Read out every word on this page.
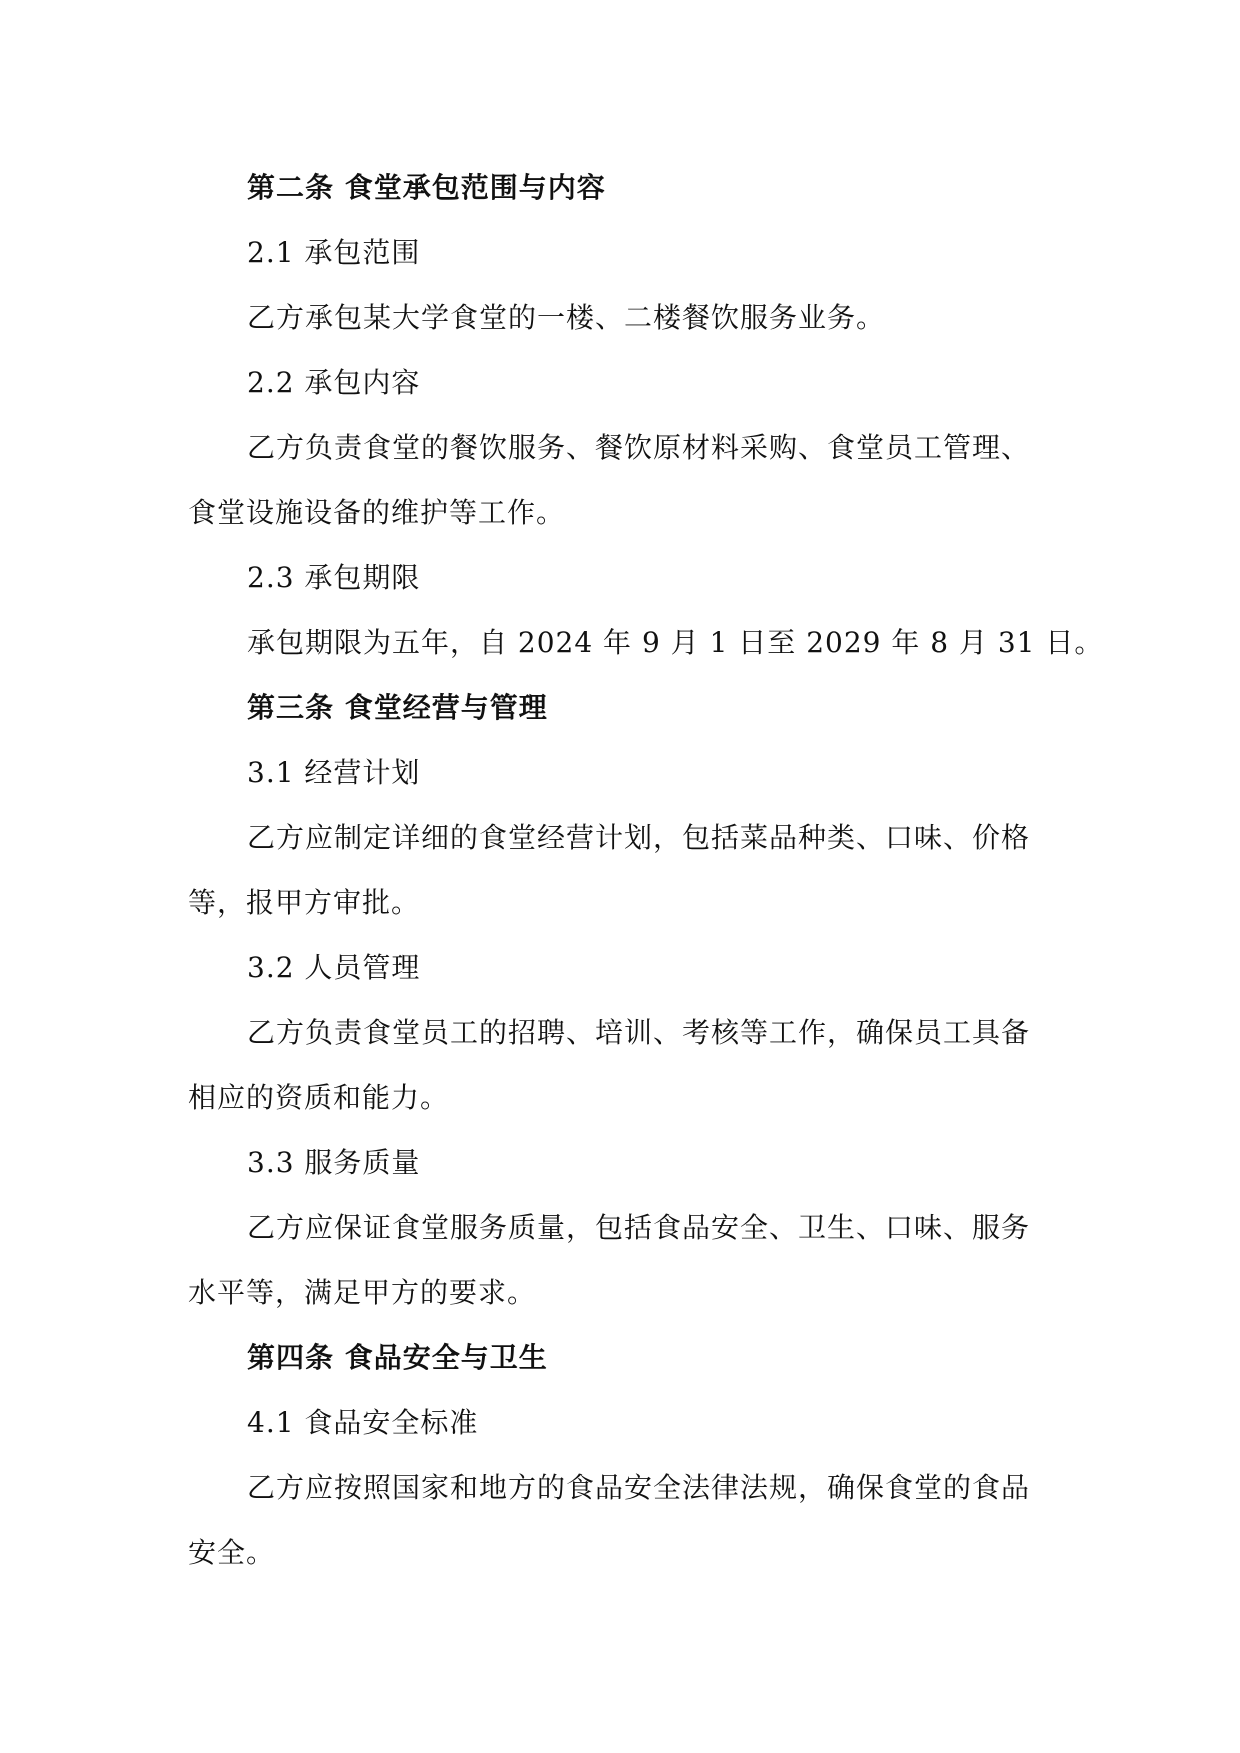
第二条 食堂承包范围与内容

2.1 承包范围

乙方承包某大学食堂的一楼、二楼餐饮服务业务。

2.2 承包内容

乙方负责食堂的餐饮服务、餐饮原材料采购、食堂员工管理、

食堂设施设备的维护等工作。

2.3 承包期限

承包期限为五年，自 2024 年 9 月 1 日至 2029 年 8 月 31 日。

第三条 食堂经营与管理

3.1 经营计划

乙方应制定详细的食堂经营计划，包括菜品种类、口味、价格

等，报甲方审批。

3.2 人员管理

乙方负责食堂员工的招聘、培训、考核等工作，确保员工具备

相应的资质和能力。

3.3 服务质量

乙方应保证食堂服务质量，包括食品安全、卫生、口味、服务

水平等，满足甲方的要求。

第四条 食品安全与卫生

4.1 食品安全标准

乙方应按照国家和地方的食品安全法律法规，确保食堂的食品

安全。
